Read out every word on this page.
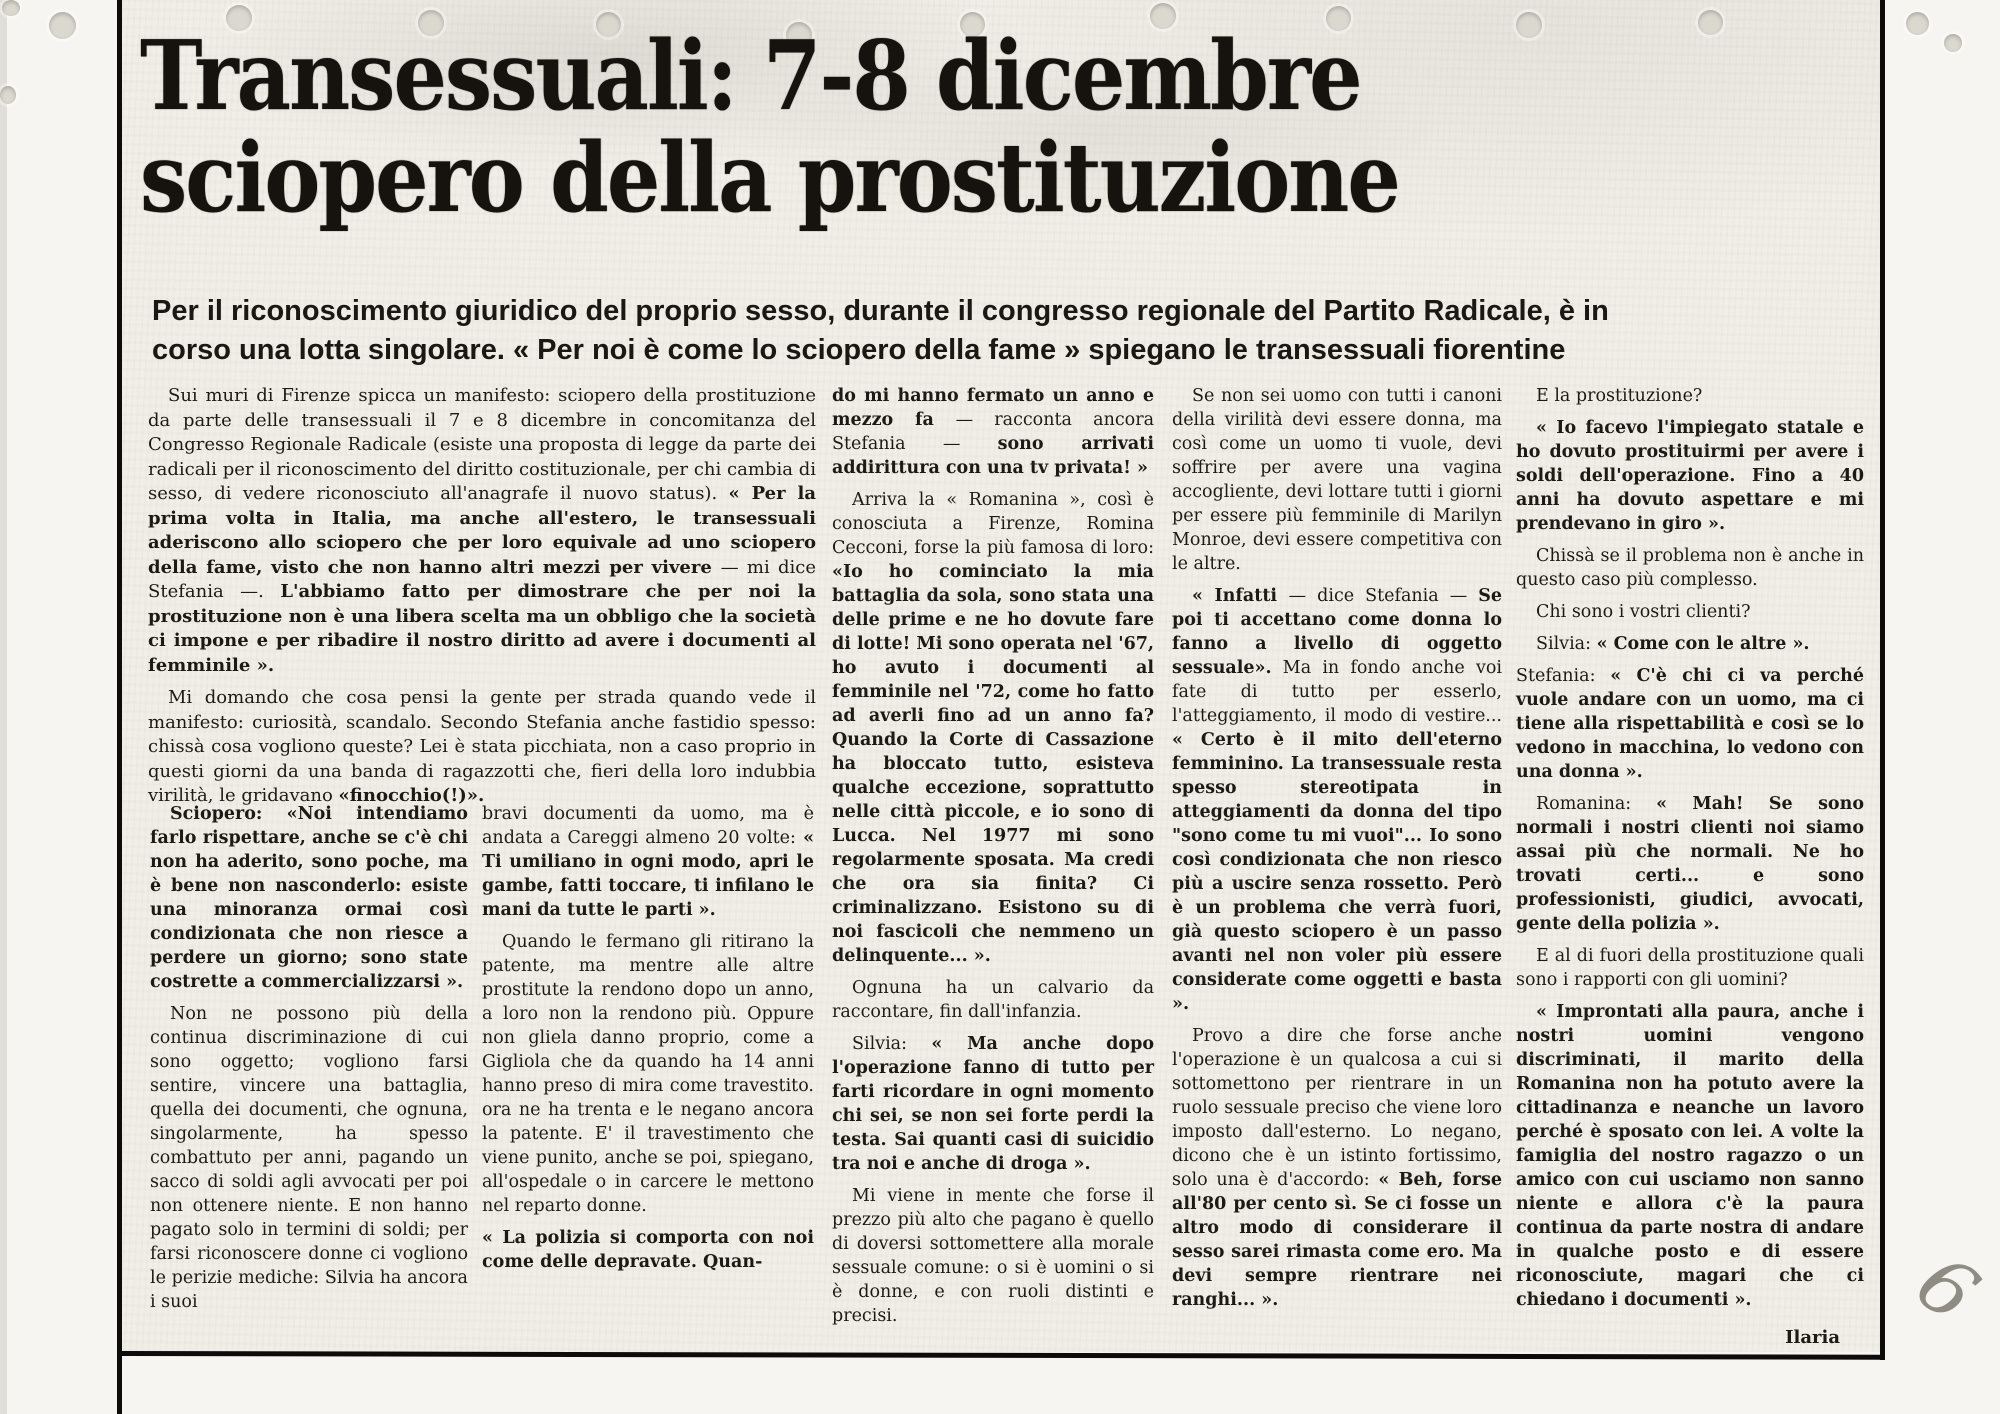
Transessuali: 7-8 dicembre
sciopero della prostituzione
Per il riconoscimento giuridico del proprio sesso, durante il congresso regionale del Partito Radicale, è in
corso una lotta singolare. « Per noi è come lo sciopero della fame » spiegano le transessuali fiorentine

Sui muri di Firenze spicca un manifesto: sciopero della prostituzione da parte delle transessuali il 7 e 8 dicembre in concomitanza del Congresso Regionale Radicale (esiste una proposta di legge da parte dei radicali per il riconoscimento del diritto costituzionale, per chi cambia di sesso, di vedere riconosciuto all'anagrafe il nuovo status). « Per la prima volta in Italia, ma anche all'estero, le transessuali aderiscono allo sciopero che per loro equivale ad uno sciopero della fame, visto che non hanno altri mezzi per vivere — mi dice Stefania —. L'abbiamo fatto per dimostrare che per noi la prostituzione non è una libera scelta ma un obbligo che la società ci impone e per ribadire il nostro diritto ad avere i documenti al femminile ».

Mi domando che cosa pensi la gente per strada quando vede il manifesto: curiosità, scandalo. Secondo Stefania anche fastidio spesso: chissà cosa vogliono queste? Lei è stata picchiata, non a caso proprio in questi giorni da una banda di ragazzotti che, fieri della loro indubbia virilità, le gridavano «finocchio(!)».

Sciopero: «Noi intendiamo farlo rispettare, anche se c'è chi non ha aderito, sono poche, ma è bene non nasconderlo: esiste una minoranza ormai così condizionata che non riesce a perdere un giorno; sono state costrette a commercializzarsi ».

Non ne possono più della continua discriminazione di cui sono oggetto; vogliono farsi sentire, vincere una battaglia, quella dei documenti, che ognuna, singolarmente, ha spesso combattuto per anni, pagando un sacco di soldi agli avvocati per poi non ottenere niente. E non hanno pagato solo in termini di soldi; per farsi riconoscere donne ci vogliono le perizie mediche: Silvia ha ancora i suoi

bravi documenti da uomo, ma è andata a Careggi almeno 20 volte: « Ti umiliano in ogni modo, apri le gambe, fatti toccare, ti infilano le mani da tutte le parti ».

Quando le fermano gli ritirano la patente, ma mentre alle altre prostitute la rendono dopo un anno, a loro non la rendono più. Oppure non gliela danno proprio, come a Gigliola che da quando ha 14 anni hanno preso di mira come travestito. ora ne ha trenta e le negano ancora la patente. E' il travestimento che viene punito, anche se poi, spiegano, all'ospedale o in carcere le mettono nel reparto donne.

« La polizia si comporta con noi come delle depravate. Quan-

do mi hanno fermato un anno e mezzo fa — racconta ancora Stefania — sono arrivati addirittura con una tv privata! »

Arriva la « Romanina », così è conosciuta a Firenze, Romina Cecconi, forse la più famosa di loro: «Io ho cominciato la mia battaglia da sola, sono stata una delle prime e ne ho dovute fare di lotte! Mi sono operata nel '67, ho avuto i documenti al femminile nel '72, come ho fatto ad averli fino ad un anno fa? Quando la Corte di Cassazione ha bloccato tutto, esisteva qualche eccezione, soprattutto nelle città piccole, e io sono di Lucca. Nel 1977 mi sono regolarmente sposata. Ma credi che ora sia finita? Ci criminalizzano. Esistono su di noi fascicoli che nemmeno un delinquente... ».

Ognuna ha un calvario da raccontare, fin dall'infanzia.

Silvia: « Ma anche dopo l'operazione fanno di tutto per farti ricordare in ogni momento chi sei, se non sei forte perdi la testa. Sai quanti casi di suicidio tra noi e anche di droga ».

Mi viene in mente che forse il prezzo più alto che pagano è quello di doversi sottomettere alla morale sessuale comune: o si è uomini o si è donne, e con ruoli distinti e precisi.

Se non sei uomo con tutti i canoni della virilità devi essere donna, ma così come un uomo ti vuole, devi soffrire per avere una vagina accogliente, devi lottare tutti i giorni per essere più femminile di Marilyn Monroe, devi essere competitiva con le altre.

« Infatti — dice Stefania — Se poi ti accettano come donna lo fanno a livello di oggetto sessuale». Ma in fondo anche voi fate di tutto per esserlo, l'atteggiamento, il modo di vestire... « Certo è il mito dell'eterno femminino. La transessuale resta spesso stereotipata in atteggiamenti da donna del tipo "sono come tu mi vuoi"... Io sono così condizionata che non riesco più a uscire senza rossetto. Però è un problema che verrà fuori, già questo sciopero è un passo avanti nel non voler più essere considerate come oggetti e basta ».

Provo a dire che forse anche l'operazione è un qualcosa a cui si sottomettono per rientrare in un ruolo sessuale preciso che viene loro imposto dall'esterno. Lo negano, dicono che è un istinto fortissimo, solo una è d'accordo: « Beh, forse all'80 per cento sì. Se ci fosse un altro modo di considerare il sesso sarei rimasta come ero. Ma devi sempre rientrare nei ranghi... ».

E la prostituzione?

« Io facevo l'impiegato statale e ho dovuto prostituirmi per avere i soldi dell'operazione. Fino a 40 anni ha dovuto aspettare e mi prendevano in giro ».

Chissà se il problema non è anche in questo caso più complesso.

Chi sono i vostri clienti?

Silvia: « Come con le altre ».

Stefania: « C'è chi ci va perché vuole andare con un uomo, ma ci tiene alla rispettabilità e così se lo vedono in macchina, lo vedono con una donna ».

Romanina: « Mah! Se sono normali i nostri clienti noi siamo assai più che normali. Ne ho trovati certi... e sono professionisti, giudici, avvocati, gente della polizia ».

E al di fuori della prostituzione quali sono i rapporti con gli uomini?

« Improntati alla paura, anche i nostri uomini vengono discriminati, il marito della Romanina non ha potuto avere la cittadinanza e neanche un lavoro perché è sposato con lei. A volte la famiglia del nostro ragazzo o un amico con cui usciamo non sanno niente e allora c'è la paura continua da parte nostra di andare in qualche posto e di essere riconosciute, magari che ci chiedano i documenti ».

Ilaria 6
